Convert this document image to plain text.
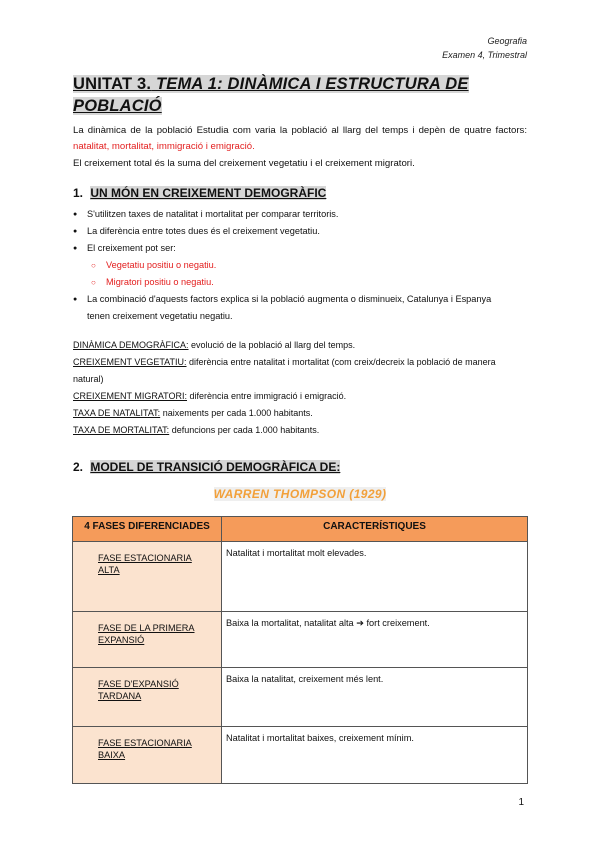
Geografia
Examen 4, Trimestral
UNITAT 3. TEMA 1: DINÀMICA I ESTRUCTURA DE
POBLACIÓ
La dinàmica de la població Estudia com varia la població al llarg del temps i depèn de quatre factors: natalitat, mortalitat, immigració i emigració.
El creixement total és la suma del creixement vegetatiu i el creixement migratori.
1. UN MÓN EN CREIXEMENT DEMOGRÀFIC
● S'utilitzen taxes de natalitat i mortalitat per comparar territoris.
● La diferència entre totes dues és el creixement vegetatiu.
● El creixement pot ser:
○ Vegetatiu positiu o negatiu.
○ Migratori positiu o negatiu.
● La combinació d'aquests factors explica si la població augmenta o disminueix, Catalunya i Espanya tenen creixement vegetatiu negatiu.
DINÀMICA DEMOGRÀFICA: evolució de la població al llarg del temps.
CREIXEMENT VEGETATIU: diferència entre natalitat i mortalitat (com creix/decreix la població de manera natural)
CREIXEMENT MIGRATORI: diferència entre immigració i emigració.
TAXA DE NATALITAT: naixements per cada 1.000 habitants.
TAXA DE MORTALITAT: defuncions per cada 1.000 habitants.
2. MODEL DE TRANSICIÓ DEMOGRÀFICA DE:
WARREN THOMPSON (1929)
4 FASES DIFERENCIADES	CARACTERÍSTIQUES

FASE ESTACIONARIA ALTA	Natalitat i mortalitat molt elevades.

FASE DE LA PRIMERA EXPANSIÓ	Baixa la mortalitat, natalitat alta ➔ fort creixement.

FASE D'EXPANSIÓ TARDANA	Baixa la natalitat, creixement més lent.

FASE ESTACIONARIA BAIXA	Natalitat i mortalitat baixes, creixement mínim.
1
